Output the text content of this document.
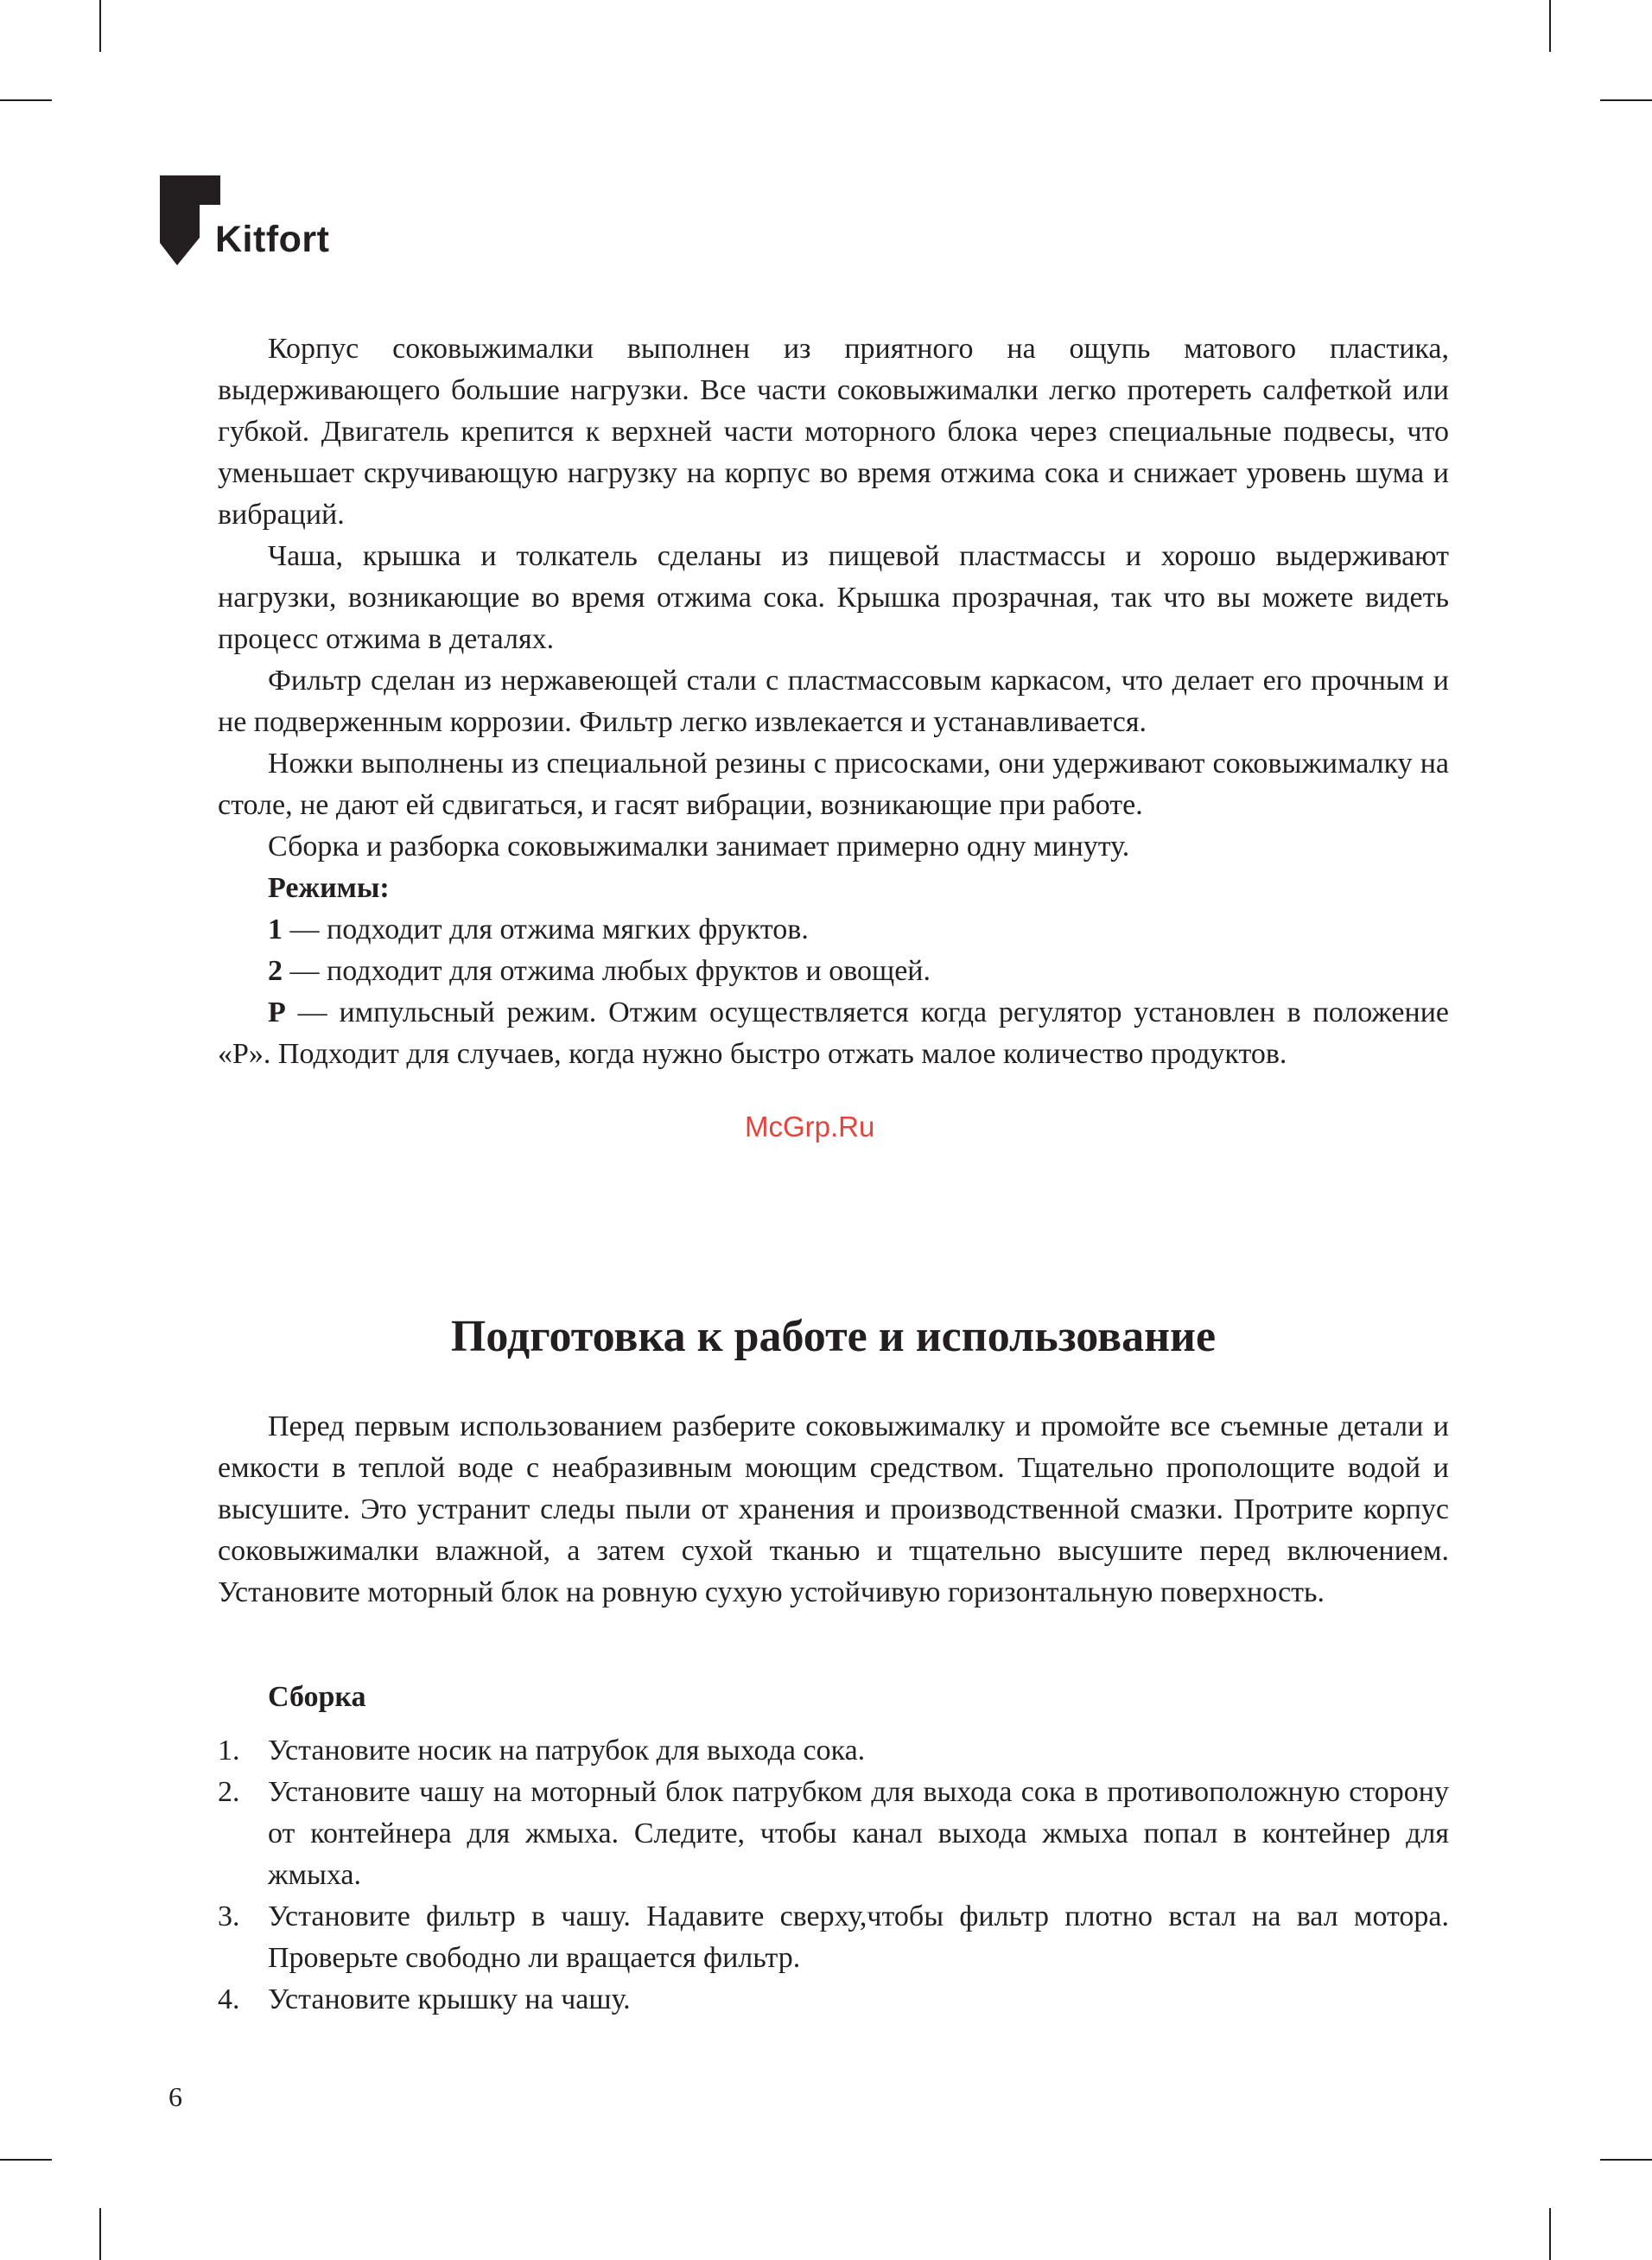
Kitfort

Корпус соковыжималки выполнен из приятного на ощупь матового пластика, выдерживающего большие нагрузки. Все части соковыжималки легко протереть салфеткой или губкой. Двигатель крепится к верхней части моторного блока через специальные подвесы, что уменьшает скручивающую нагрузку на корпус во время отжима сока и снижает уровень шума и вибраций.

Чаша, крышка и толкатель сделаны из пищевой пластмассы и хорошо выдерживают нагрузки, возникающие во время отжима сока. Крышка прозрачная, так что вы можете видеть процесс отжима в деталях.

Фильтр сделан из нержавеющей стали с пластмассовым каркасом, что делает его прочным и не подверженным коррозии. Фильтр легко извлекается и устанавливается.

Ножки выполнены из специальной резины с присосками, они удерживают соковыжималку на столе, не дают ей сдвигаться, и гасят вибрации, возникающие при работе.

Сборка и разборка соковыжималки занимает примерно одну минуту.

Режимы:

1 — подходит для отжима мягких фруктов.

2 — подходит для отжима любых фруктов и овощей.

P — импульсный режим. Отжим осуществляется когда регулятор установлен в положение «P». Подходит для случаев, когда нужно быстро отжать малое количество продуктов.

McGrp.Ru
Подготовка к работе и использование

Перед первым использованием разберите соковыжималку и промойте все съемные детали и емкости в теплой воде с неабразивным моющим средством. Тщательно прополощите водой и высушите. Это устранит следы пыли от хранения и производственной смазки. Протрите корпус соковыжималки влажной, а затем сухой тканью и тщательно высушите перед включением. Установите моторный блок на ровную сухую устойчивую горизонтальную поверхность.

Сборка

1. Установите носик на патрубок для выхода сока.
2. Установите чашу на моторный блок патрубком для выхода сока в противоположную сторону от контейнера для жмыха. Следите, чтобы канал выхода жмыха попал в контейнер для жмыха.
3. Установите фильтр в чашу. Надавите сверху,чтобы фильтр плотно встал на вал мотора. Проверьте свободно ли вращается фильтр.
4. Установите крышку на чашу.
6
